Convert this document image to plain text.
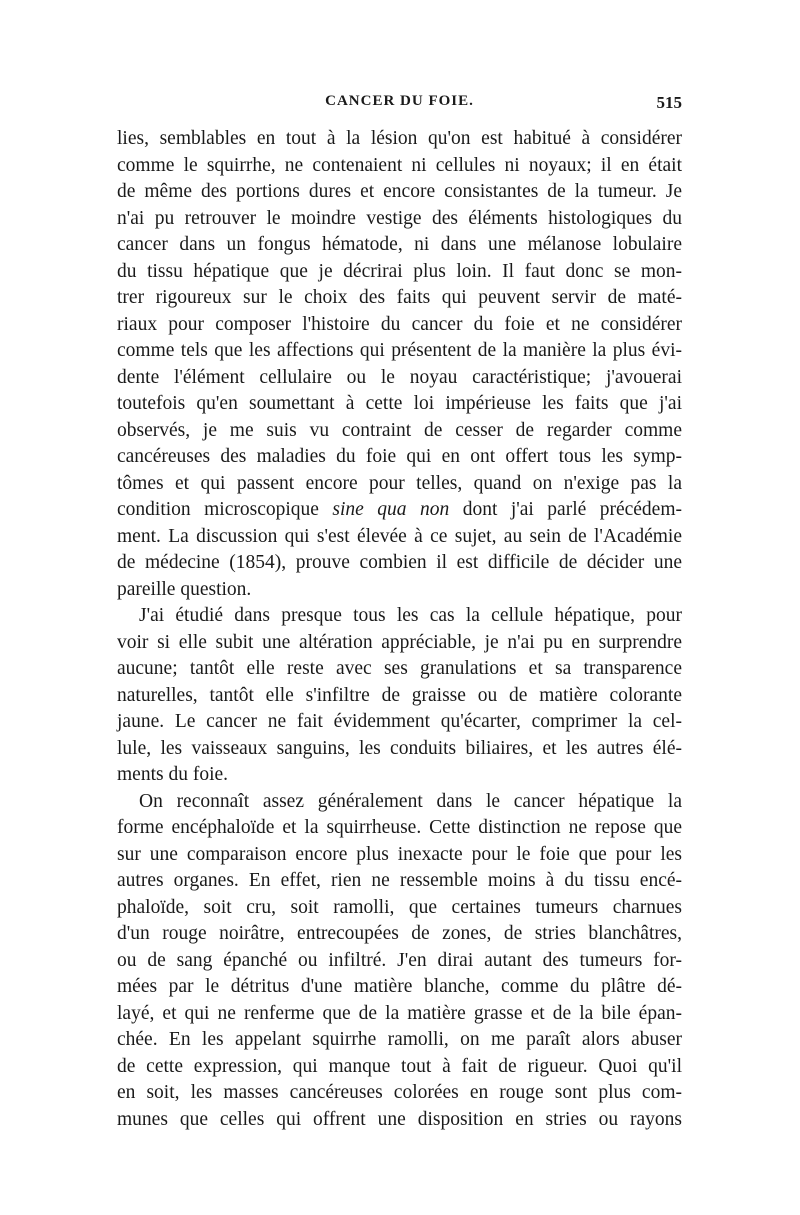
CANCER DU FOIE.	515
lies, semblables en tout à la lésion qu'on est habitué à considérer
comme le squirrhe, ne contenaient ni cellules ni noyaux; il en était
de même des portions dures et encore consistantes de la tumeur. Je
n'ai pu retrouver le moindre vestige des éléments histologiques du
cancer dans un fongus hématode, ni dans une mélanose lobulaire
du tissu hépatique que je décrirai plus loin. Il faut donc se mon-
trer rigoureux sur le choix des faits qui peuvent servir de maté-
riaux pour composer l'histoire du cancer du foie et ne considérer
comme tels que les affections qui présentent de la manière la plus évi-
dente l'élément cellulaire ou le noyau caractéristique; j'avouerai
toutefois qu'en soumettant à cette loi impérieuse les faits que j'ai
observés, je me suis vu contraint de cesser de regarder comme
cancéreuses des maladies du foie qui en ont offert tous les symp-
tômes et qui passent encore pour telles, quand on n'exige pas la
condition microscopique sine qua non dont j'ai parlé précédem-
ment. La discussion qui s'est élevée à ce sujet, au sein de l'Académie
de médecine (1854), prouve combien il est difficile de décider une
pareille question.
J'ai étudié dans presque tous les cas la cellule hépatique, pour
voir si elle subit une altération appréciable, je n'ai pu en surprendre
aucune; tantôt elle reste avec ses granulations et sa transparence
naturelles, tantôt elle s'infiltre de graisse ou de matière colorante
jaune. Le cancer ne fait évidemment qu'écarter, comprimer la cel-
lule, les vaisseaux sanguins, les conduits biliaires, et les autres élé-
ments du foie.
On reconnaît assez généralement dans le cancer hépatique la
forme encéphaloïde et la squirrheuse. Cette distinction ne repose que
sur une comparaison encore plus inexacte pour le foie que pour les
autres organes. En effet, rien ne ressemble moins à du tissu encé-
phaloïde, soit cru, soit ramolli, que certaines tumeurs charnues
d'un rouge noirâtre, entrecoupées de zones, de stries blanchâtres,
ou de sang épanché ou infiltré. J'en dirai autant des tumeurs for-
mées par le détritus d'une matière blanche, comme du plâtre dé-
layé, et qui ne renferme que de la matière grasse et de la bile épan-
chée. En les appelant squirrhe ramolli, on me paraît alors abuser
de cette expression, qui manque tout à fait de rigueur. Quoi qu'il
en soit, les masses cancéreuses colorées en rouge sont plus com-
munes que celles qui offrent une disposition en stries ou rayons
